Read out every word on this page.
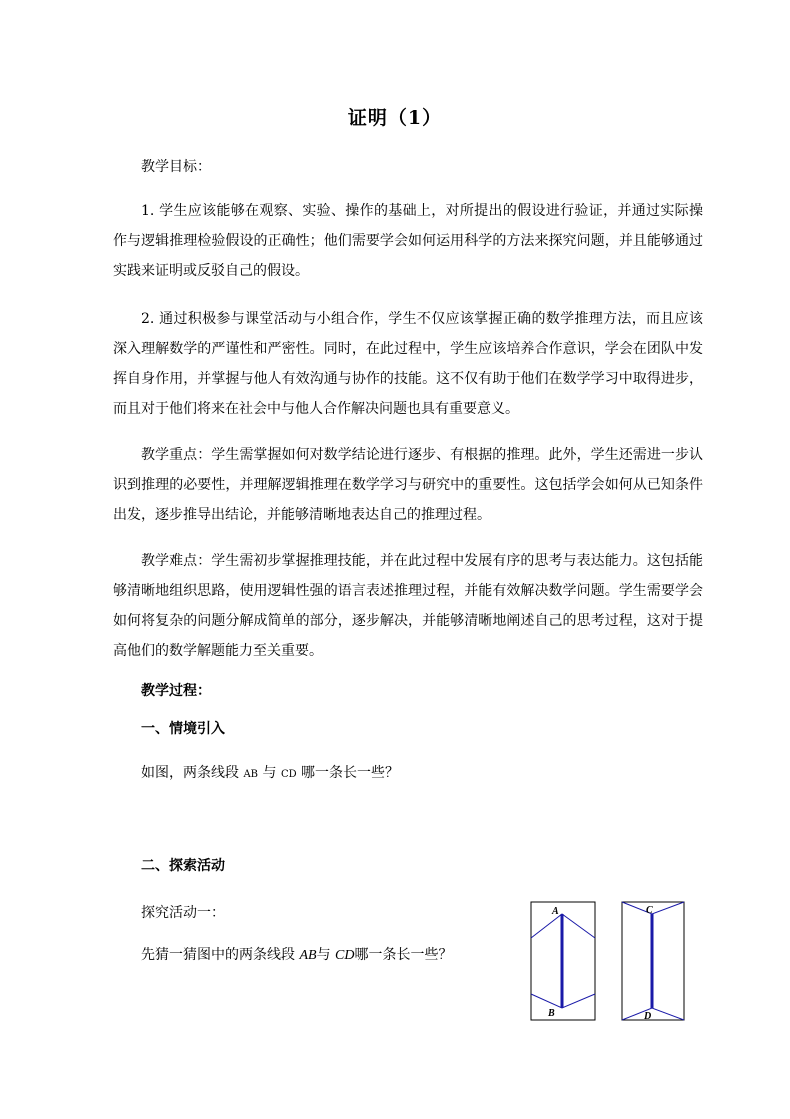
证明（1）
教学目标：
1. 学生应该能够在观察、实验、操作的基础上，对所提出的假设进行验证，并通过实际操作与逻辑推理检验假设的正确性；他们需要学会如何运用科学的方法来探究问题，并且能够通过实践来证明或反驳自己的假设。
2. 通过积极参与课堂活动与小组合作，学生不仅应该掌握正确的数学推理方法，而且应该深入理解数学的严谨性和严密性。同时，在此过程中，学生应该培养合作意识，学会在团队中发挥自身作用，并掌握与他人有效沟通与协作的技能。这不仅有助于他们在数学学习中取得进步，而且对于他们将来在社会中与他人合作解决问题也具有重要意义。
教学重点：学生需掌握如何对数学结论进行逐步、有根据的推理。此外，学生还需进一步认识到推理的必要性，并理解逻辑推理在数学学习与研究中的重要性。这包括学会如何从已知条件出发，逐步推导出结论，并能够清晰地表达自己的推理过程。
教学难点：学生需初步掌握推理技能，并在此过程中发展有序的思考与表达能力。这包括能够清晰地组织思路，使用逻辑性强的语言表述推理过程，并能有效解决数学问题。学生需要学会如何将复杂的问题分解成简单的部分，逐步解决，并能够清晰地阐述自己的思考过程，这对于提高他们的数学解题能力至关重要。
教学过程：
一、情境引入
如图，两条线段 AB 与 CD 哪一条长一些？
二、探索活动
探究活动一：
先猜一猜图中的两条线段 AB与 CD哪一条长一些？
A
B
C
D
